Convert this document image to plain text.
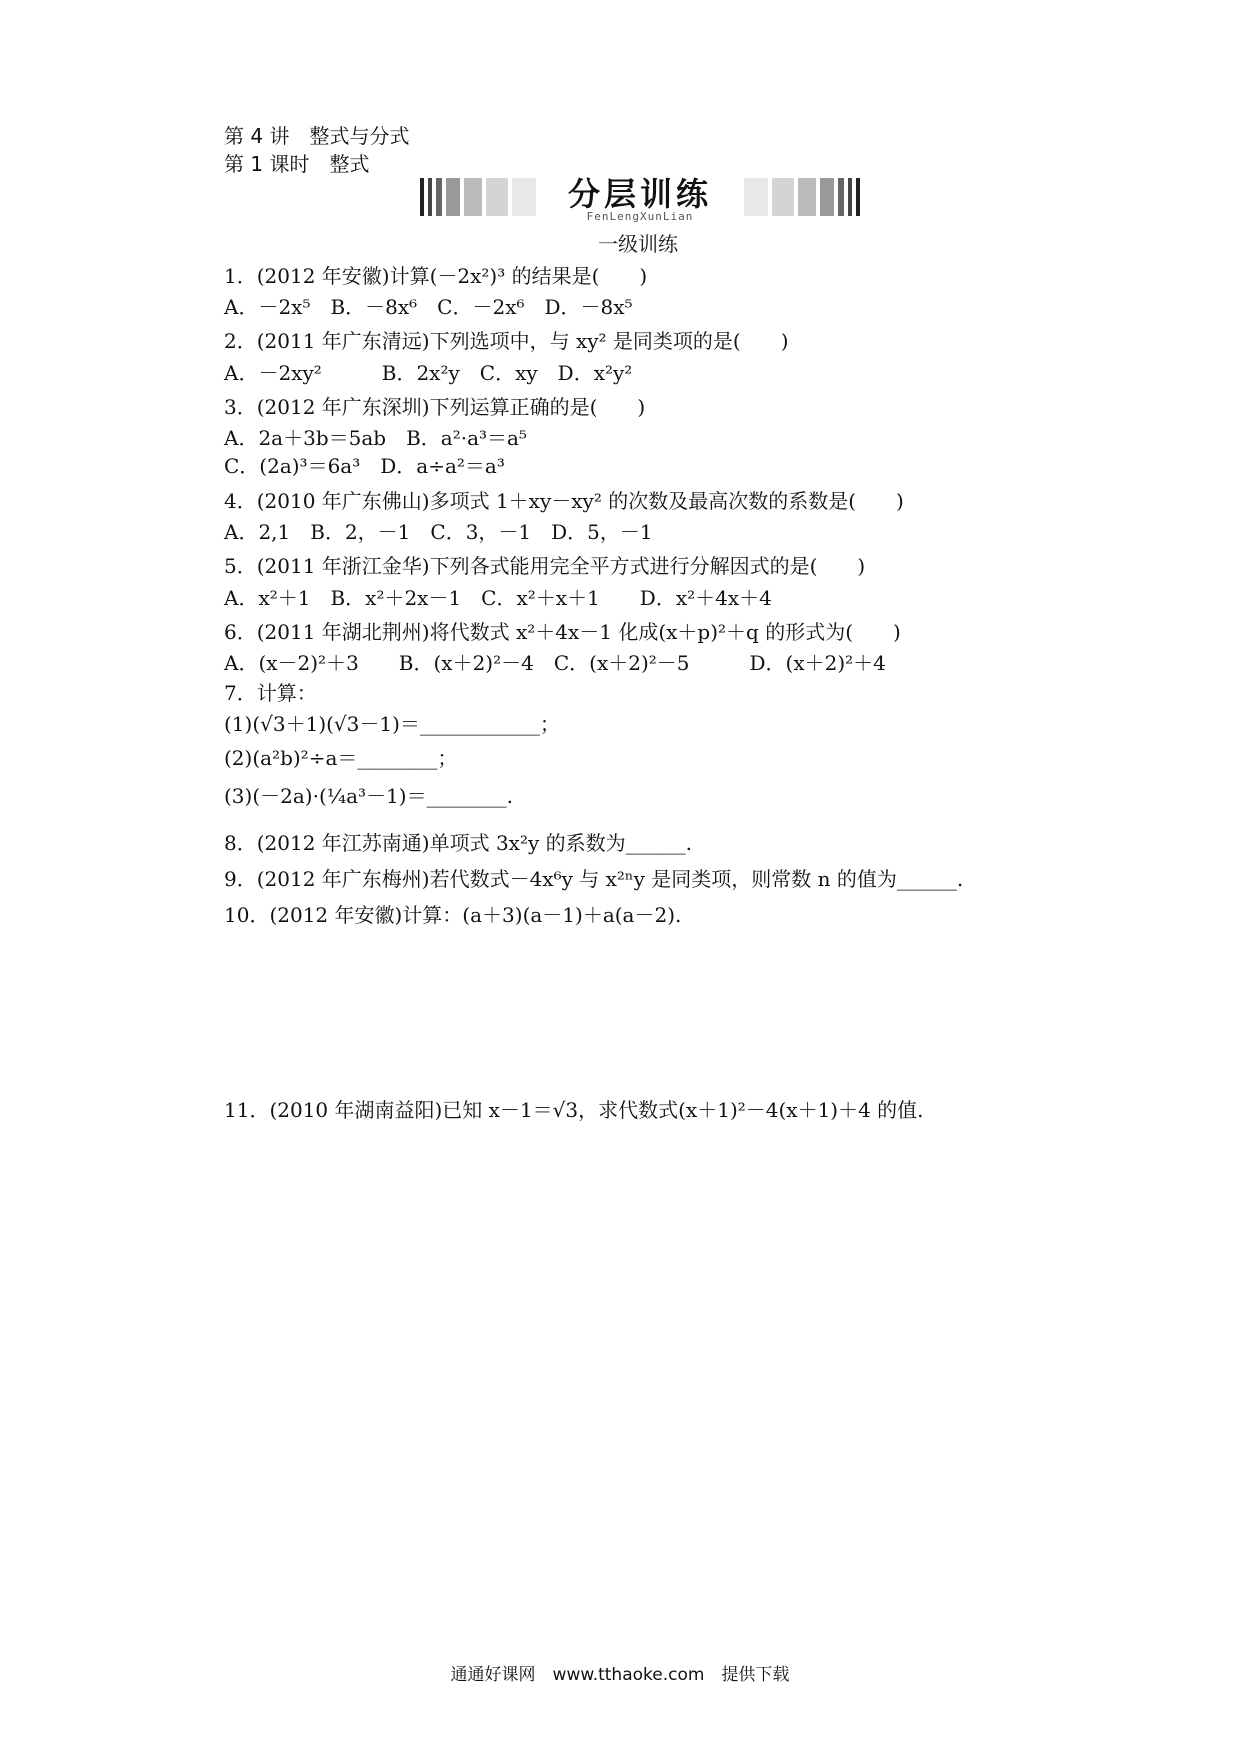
第 4 讲　整式与分式
第 1 课时　整式
分层训练
FenLengXunLian
一级训练
1．(2012 年安徽)计算(－2x²)³ 的结果是(　　)
A．－2x⁵　B．－8x⁶　C．－2x⁶　D．－8x⁵
2．(2011 年广东清远)下列选项中，与 xy² 是同类项的是(　　)
A．－2xy²　　　B．2x²y　C．xy　D．x²y²
3．(2012 年广东深圳)下列运算正确的是(　　)
A．2a＋3b＝5ab　B．a²·a³＝a⁵
C．(2a)³＝6a³　D．a÷a²＝a³
4．(2010 年广东佛山)多项式 1＋xy－xy² 的次数及最高次数的系数是(　　)
A．2,1　B．2，－1　C．3，－1　D．5，－1
5．(2011 年浙江金华)下列各式能用完全平方式进行分解因式的是(　　)
A．x²＋1　B．x²＋2x－1　C．x²＋x＋1　　D．x²＋4x＋4
6．(2011 年湖北荆州)将代数式 x²＋4x－1 化成(x＋p)²＋q 的形式为(　　)
A．(x－2)²＋3　　B．(x＋2)²－4　C．(x＋2)²－5　　　D．(x＋2)²＋4
7．计算：
(1)(√3＋1)(√3－1)＝____________；
(2)(a²b)²÷a＝________；
(3)(－2a)·(¼a³－1)＝________.
8．(2012 年江苏南通)单项式 3x²y 的系数为______.
9．(2012 年广东梅州)若代数式－4x⁶y 与 x²ⁿy 是同类项，则常数 n 的值为______.
10．(2012 年安徽)计算：(a＋3)(a－1)＋a(a－2).
11．(2010 年湖南益阳)已知 x－1＝√3，求代数式(x＋1)²－4(x＋1)＋4 的值.
通通好课网　www.tthaoke.com　提供下载
